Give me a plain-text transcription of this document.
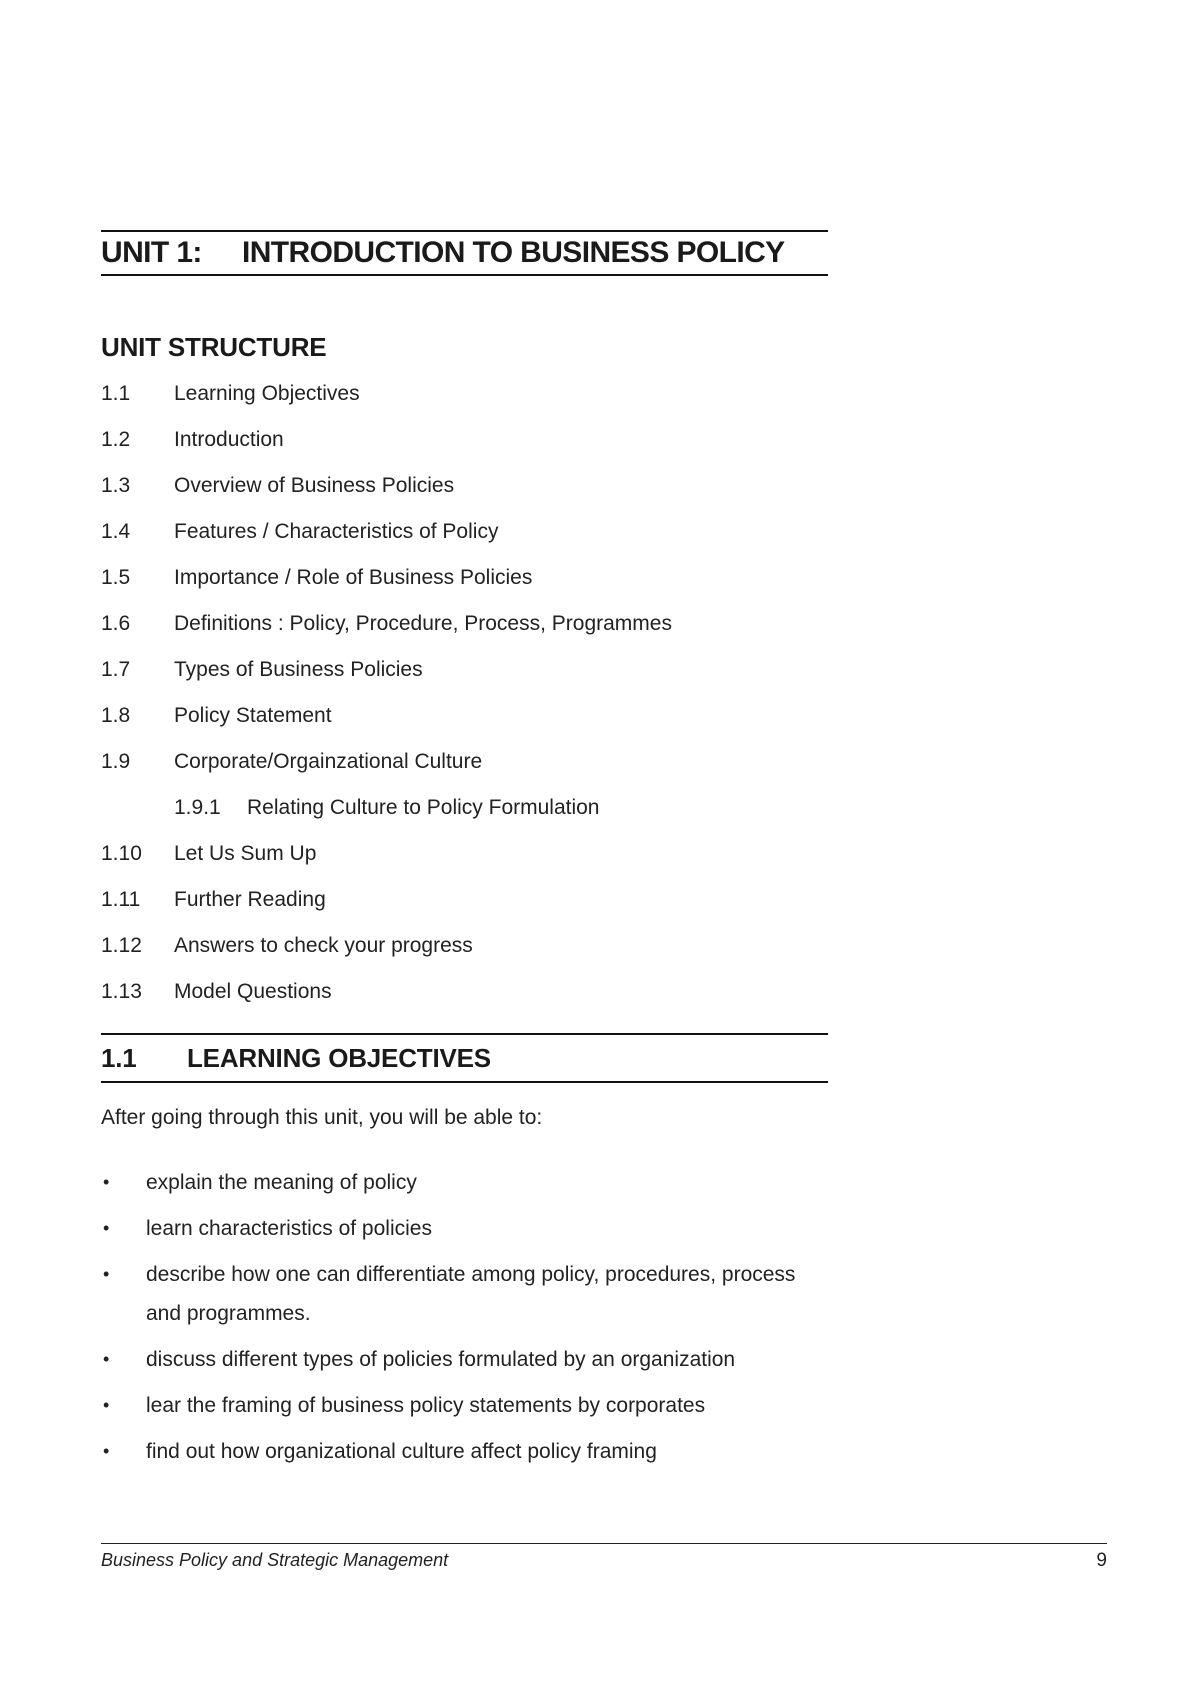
UNIT 1:	INTRODUCTION TO BUSINESS POLICY
UNIT STRUCTURE
1.1 Learning Objectives
1.2 Introduction
1.3 Overview of Business Policies
1.4 Features / Characteristics of Policy
1.5 Importance / Role of Business Policies
1.6 Definitions : Policy, Procedure, Process, Programmes
1.7 Types of Business Policies
1.8 Policy Statement
1.9 Corporate/Orgainzational Culture
1.9.1 Relating Culture to Policy Formulation
1.10 Let Us Sum Up
1.11 Further Reading
1.12 Answers to check your progress
1.13 Model Questions
1.1	LEARNING OBJECTIVES
After going through this unit, you will be able to:
• explain the meaning of policy
• learn characteristics of policies
• describe how one can differentiate among policy, procedures, process and programmes.
• discuss different types of policies formulated by an organization
• lear the framing of business policy statements by corporates
• find out how organizational culture affect policy framing
Business Policy and Strategic Management	9
